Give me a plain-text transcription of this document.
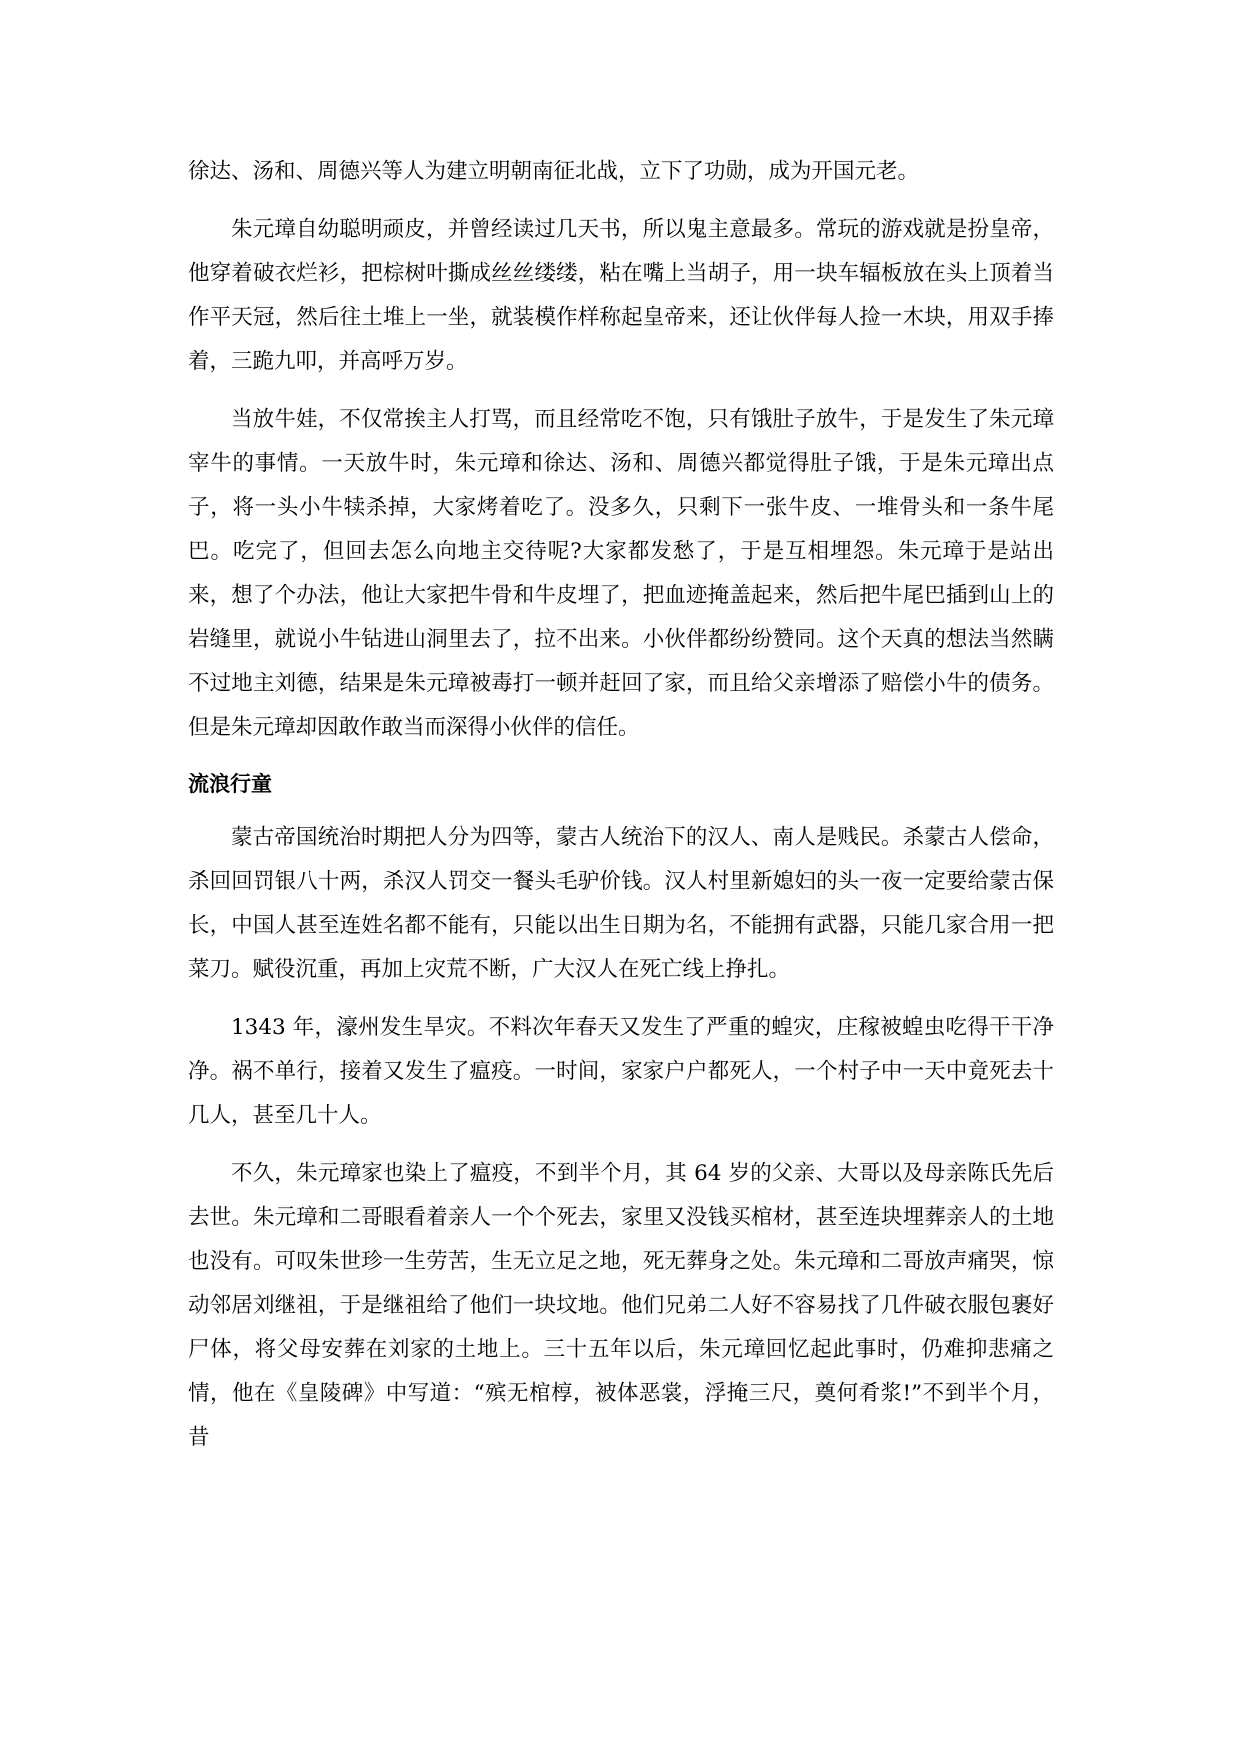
徐达、汤和、周德兴等人为建立明朝南征北战，立下了功勋，成为开国元老。

朱元璋自幼聪明顽皮，并曾经读过几天书，所以鬼主意最多。常玩的游戏就是扮皇帝，他穿着破衣烂衫，把棕树叶撕成丝丝缕缕，粘在嘴上当胡子，用一块车辐板放在头上顶着当作平天冠，然后往土堆上一坐，就装模作样称起皇帝来，还让伙伴每人捡一木块，用双手捧着，三跪九叩，并高呼万岁。

当放牛娃，不仅常挨主人打骂，而且经常吃不饱，只有饿肚子放牛，于是发生了朱元璋宰牛的事情。一天放牛时，朱元璋和徐达、汤和、周德兴都觉得肚子饿，于是朱元璋出点子，将一头小牛犊杀掉，大家烤着吃了。没多久，只剩下一张牛皮、一堆骨头和一条牛尾巴。吃完了，但回去怎么向地主交待呢?大家都发愁了，于是互相埋怨。朱元璋于是站出来，想了个办法，他让大家把牛骨和牛皮埋了，把血迹掩盖起来，然后把牛尾巴插到山上的岩缝里，就说小牛钻进山洞里去了，拉不出来。小伙伴都纷纷赞同。这个天真的想法当然瞒不过地主刘德，结果是朱元璋被毒打一顿并赶回了家，而且给父亲增添了赔偿小牛的债务。但是朱元璋却因敢作敢当而深得小伙伴的信任。

流浪行童

蒙古帝国统治时期把人分为四等，蒙古人统治下的汉人、南人是贱民。杀蒙古人偿命，杀回回罚银八十两，杀汉人罚交一餐头毛驴价钱。汉人村里新媳妇的头一夜一定要给蒙古保长，中国人甚至连姓名都不能有，只能以出生日期为名，不能拥有武器，只能几家合用一把菜刀。赋役沉重，再加上灾荒不断，广大汉人在死亡线上挣扎。

1343 年，濠州发生旱灾。不料次年春天又发生了严重的蝗灾，庄稼被蝗虫吃得干干净净。祸不单行，接着又发生了瘟疫。一时间，家家户户都死人，一个村子中一天中竟死去十几人，甚至几十人。

不久，朱元璋家也染上了瘟疫，不到半个月，其 64 岁的父亲、大哥以及母亲陈氏先后去世。朱元璋和二哥眼看着亲人一个个死去，家里又没钱买棺材，甚至连块埋葬亲人的土地也没有。可叹朱世珍一生劳苦，生无立足之地，死无葬身之处。朱元璋和二哥放声痛哭，惊动邻居刘继祖，于是继祖给了他们一块坟地。他们兄弟二人好不容易找了几件破衣服包裹好尸体，将父母安葬在刘家的土地上。三十五年以后，朱元璋回忆起此事时，仍难抑悲痛之情，他在《皇陵碑》中写道：“殡无棺椁，被体恶裳，浮掩三尺，奠何肴浆!”不到半个月，昔
